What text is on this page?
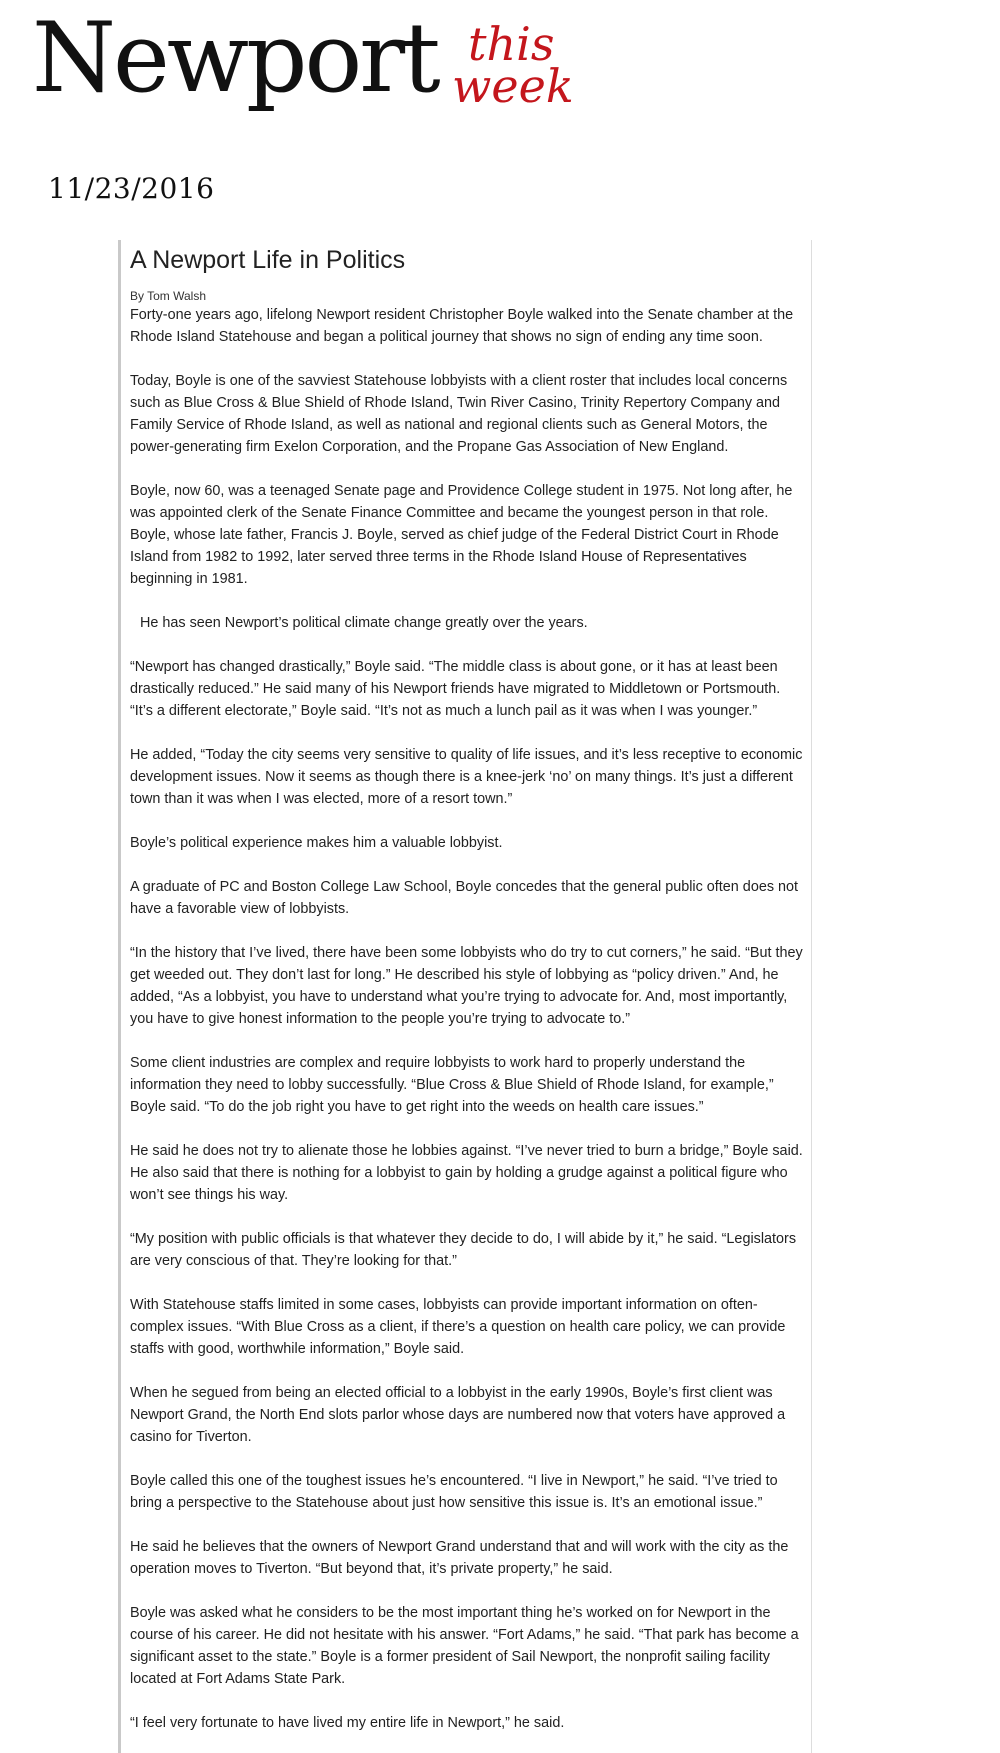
Newport this
week
11/23/2016
A Newport Life in Politics
By Tom Walsh

Forty-one years ago, lifelong Newport resident Christopher Boyle walked into the Senate chamber at the Rhode Island Statehouse and began a political journey that shows no sign of ending any time soon.

Today, Boyle is one of the savviest Statehouse lobbyists with a client roster that includes local concerns such as Blue Cross & Blue Shield of Rhode Island, Twin River Casino, Trinity Repertory Company and Family Service of Rhode Island, as well as national and regional clients such as General Motors, the power-generating firm Exelon Corporation, and the Propane Gas Association of New England.

Boyle, now 60, was a teenaged Senate page and Providence College student in 1975. Not long after, he was appointed clerk of the Senate Finance Committee and became the youngest person in that role. Boyle, whose late father, Francis J. Boyle, served as chief judge of the Federal District Court in Rhode Island from 1982 to 1992, later served three terms in the Rhode Island House of Representatives beginning in 1981.

He has seen Newport’s political climate change greatly over the years.

“Newport has changed drastically,” Boyle said. “The middle class is about gone, or it has at least been drastically reduced.” He said many of his Newport friends have migrated to Middletown or Portsmouth. “It’s a different electorate,” Boyle said. “It’s not as much a lunch pail as it was when I was younger.”

He added, “Today the city seems very sensitive to quality of life issues, and it’s less receptive to economic development issues. Now it seems as though there is a knee-jerk ‘no’ on many things. It’s just a different town than it was when I was elected, more of a resort town.”

Boyle’s political experience makes him a valuable lobbyist.

A graduate of PC and Boston College Law School, Boyle concedes that the general public often does not have a favorable view of lobbyists.

“In the history that I’ve lived, there have been some lobbyists who do try to cut corners,” he said. “But they get weeded out. They don’t last for long.” He described his style of lobbying as “policy driven.” And, he added, “As a lobbyist, you have to understand what you’re trying to advocate for. And, most importantly, you have to give honest information to the people you’re trying to advocate to.”

Some client industries are complex and require lobbyists to work hard to properly understand the information they need to lobby successfully. “Blue Cross & Blue Shield of Rhode Island, for example,” Boyle said. “To do the job right you have to get right into the weeds on health care issues.”

He said he does not try to alienate those he lobbies against. “I’ve never tried to burn a bridge,” Boyle said. He also said that there is nothing for a lobbyist to gain by holding a grudge against a political figure who won’t see things his way.

“My position with public officials is that whatever they decide to do, I will abide by it,” he said. “Legislators are very conscious of that. They’re looking for that.”

With Statehouse staffs limited in some cases, lobbyists can provide important information on often-complex issues. “With Blue Cross as a client, if there’s a question on health care policy, we can provide staffs with good, worthwhile information,” Boyle said.

When he segued from being an elected official to a lobbyist in the early 1990s, Boyle’s first client was Newport Grand, the North End slots parlor whose days are numbered now that voters have approved a casino for Tiverton.

Boyle called this one of the toughest issues he’s encountered. “I live in Newport,” he said. “I’ve tried to bring a perspective to the Statehouse about just how sensitive this issue is. It’s an emotional issue.”

He said he believes that the owners of Newport Grand understand that and will work with the city as the operation moves to Tiverton. “But beyond that, it’s private property,” he said.

Boyle was asked what he considers to be the most important thing he’s worked on for Newport in the course of his career. He did not hesitate with his answer. “Fort Adams,” he said. “That park has become a significant asset to the state.” Boyle is a former president of Sail Newport, the nonprofit sailing facility located at Fort Adams State Park.

“I feel very fortunate to have lived my entire life in Newport,” he said.
